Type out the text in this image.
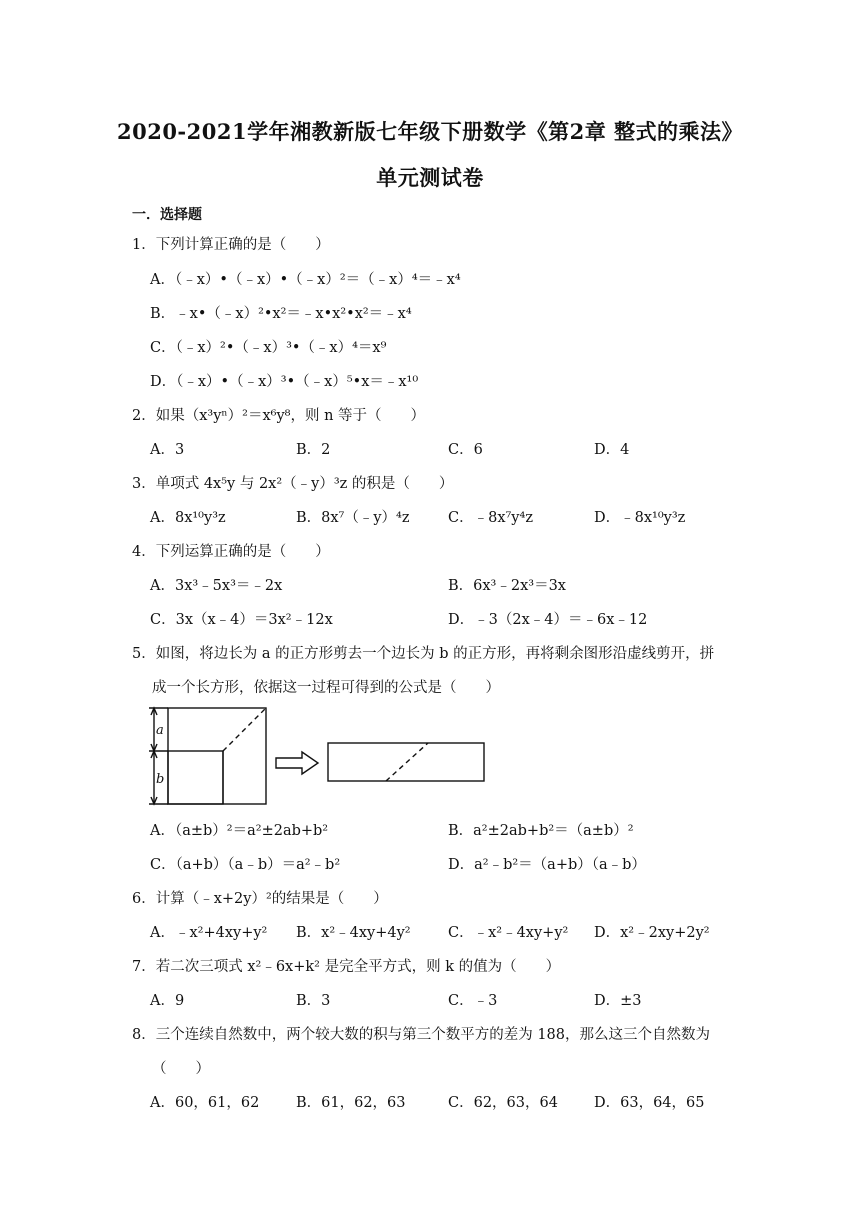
2020-2021学年湘教新版七年级下册数学《第2章 整式的乘法》
单元测试卷
一．选择题
1．下列计算正确的是（　　）
A．（﹣x）•（﹣x）•（﹣x）²＝（﹣x）⁴＝﹣x⁴
B．﹣x•（﹣x）²•x²＝﹣x•x²•x²＝﹣x⁴
C．（﹣x）²•（﹣x）³•（﹣x）⁴＝x⁹
D．（﹣x）•（﹣x）³•（﹣x）⁵•x＝﹣x¹⁰
2．如果（x³yⁿ）²＝x⁶y⁸，则 n 等于（　　）
A．3	B．2	C．6	D．4
3．单项式 4x⁵y 与 2x²（﹣y）³z 的积是（　　）
A．8x¹⁰y³z	B．8x⁷（﹣y）⁴z	C．﹣8x⁷y⁴z	D．﹣8x¹⁰y³z
4．下列运算正确的是（　　）
A．3x³﹣5x³＝﹣2x	B．6x³﹣2x³＝3x
C．3x（x﹣4）＝3x²﹣12x	D．﹣3（2x﹣4）＝﹣6x﹣12
5．如图，将边长为 a 的正方形剪去一个边长为 b 的正方形，再将剩余图形沿虚线剪开，拼
成一个长方形，依据这一过程可得到的公式是（　　）
a
b
A．（a±b）²＝a²±2ab+b²	B．a²±2ab+b²＝（a±b）²
C．（a+b）（a﹣b）＝a²﹣b²	D．a²﹣b²＝（a+b）（a﹣b）
6．计算（﹣x+2y）²的结果是（　　）
A．﹣x²+4xy+y² B．x²﹣4xy+4y²	C．﹣x²﹣4xy+y² D．x²﹣2xy+2y²
7．若二次三项式 x²﹣6x+k² 是完全平方式，则 k 的值为（　　）
A．9	B．3	C．﹣3	D．±3
8．三个连续自然数中，两个较大数的积与第三个数平方的差为 188，那么这三个自然数为
（　　）
A．60，61，62	B．61，62，63	C．62，63，64 D．63，64，65
